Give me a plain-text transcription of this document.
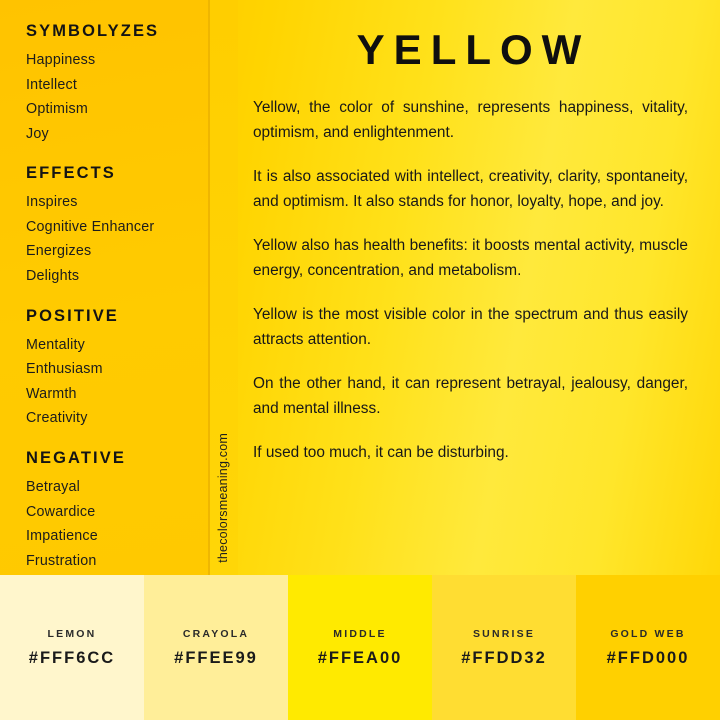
SYMBOLYZES
Happiness
Intellect
Optimism
Joy
EFFECTS
Inspires
Cognitive Enhancer
Energizes
Delights
POSITIVE
Mentality
Enthusiasm
Warmth
Creativity
NEGATIVE
Betrayal
Cowardice
Impatience
Frustration	thecolorsmeaning.com
YELLOW

Yellow, the color of sunshine, represents happiness, vitality, optimism, and enlightenment.

It is also associated with intellect, creativity, clarity, spontaneity, and optimism. It also stands for honor, loyalty, hope, and joy.

Yellow also has health benefits: it boosts mental activity, muscle energy, concentration, and metabolism.

Yellow is the most visible color in the spectrum and thus easily attracts attention.

On the other hand, it can represent betrayal, jealousy, danger, and mental illness.

If used too much, it can be disturbing.

LEMON
#FFF6CC
CRAYOLA
#FFEE99
MIDDLE
#FFEA00
SUNRISE
#FFDD32
GOLD WEB
#FFD000
